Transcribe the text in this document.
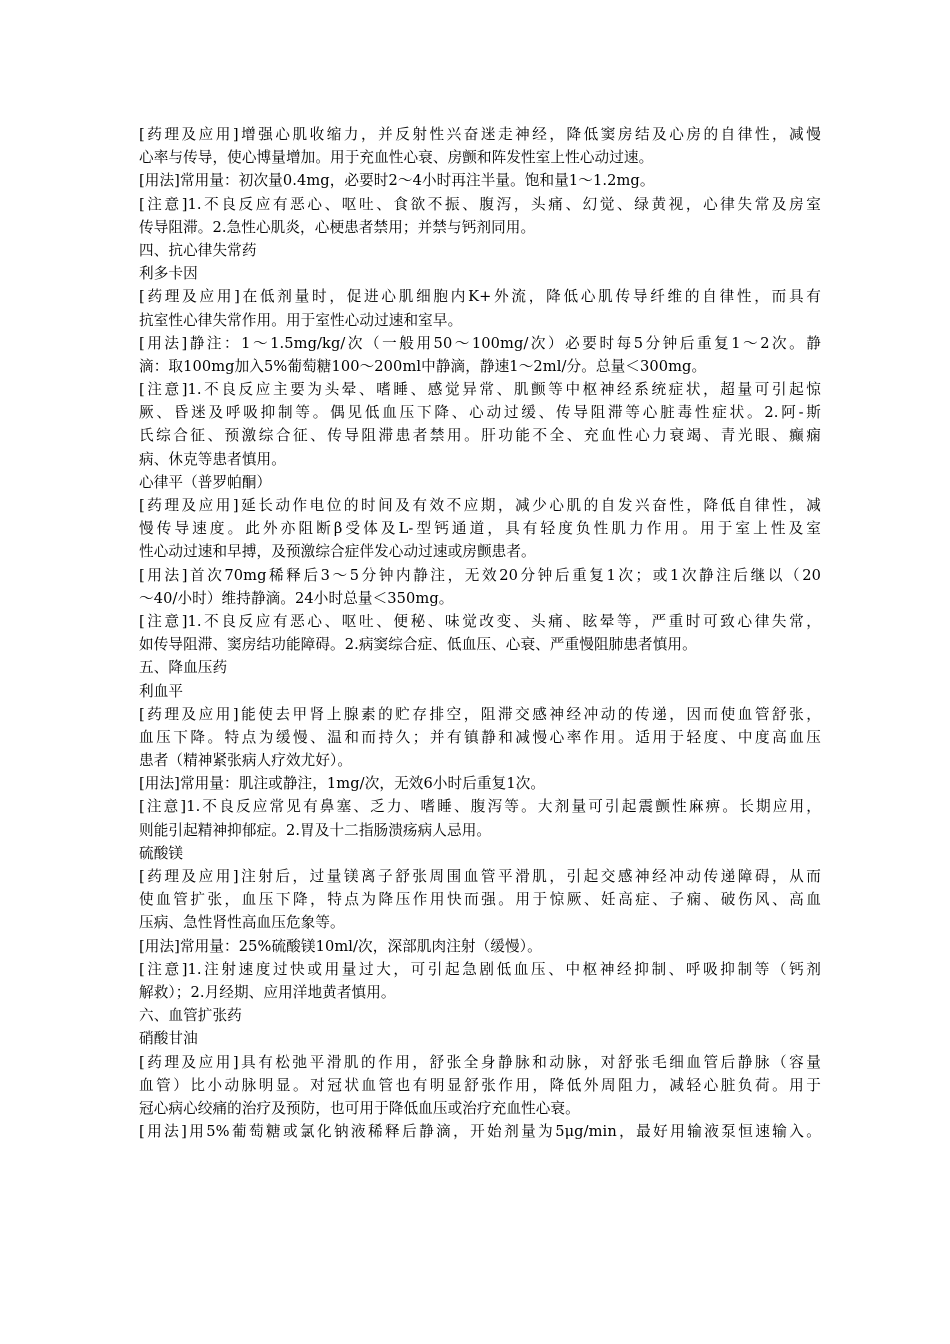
[药理及应用]增强心肌收缩力，并反射性兴奋迷走神经，降低窦房结及心房的自律性，减慢
心率与传导，使心博量增加。用于充血性心衰、房颤和阵发性室上性心动过速。
[用法]常用量：初次量0.4mg，必要时2～4小时再注半量。饱和量1～1.2mg。
[注意]1.不良反应有恶心、呕吐、食欲不振、腹泻，头痛、幻觉、绿黄视，心律失常及房室
传导阻滞。2.急性心肌炎，心梗患者禁用；并禁与钙剂同用。
四、抗心律失常药
利多卡因
[药理及应用]在低剂量时，促进心肌细胞内K+外流，降低心肌传导纤维的自律性，而具有
抗室性心律失常作用。用于室性心动过速和室早。
[用法]静注：1～1.5mg/kg/次（一般用50～100mg/次）必要时每5分钟后重复1～2次。静
滴：取100mg加入5%葡萄糖100～200ml中静滴，静速1～2ml/分。总量＜300mg。
[注意]1.不良反应主要为头晕、嗜睡、感觉异常、肌颤等中枢神经系统症状，超量可引起惊
厥、昏迷及呼吸抑制等。偶见低血压下降、心动过缓、传导阻滞等心脏毒性症状。2.阿-斯
氏综合征、预激综合征、传导阻滞患者禁用。肝功能不全、充血性心力衰竭、青光眼、癫痫
病、休克等患者慎用。
心律平（普罗帕酮）
[药理及应用]延长动作电位的时间及有效不应期，减少心肌的自发兴奋性，降低自律性，减
慢传导速度。此外亦阻断β受体及L-型钙通道，具有轻度负性肌力作用。用于室上性及室
性心动过速和早搏，及预激综合症伴发心动过速或房颤患者。
[用法]首次70mg稀释后3～5分钟内静注，无效20分钟后重复1次；或1次静注后继以（20
～40/小时）维持静滴。24小时总量＜350mg。
[注意]1.不良反应有恶心、呕吐、便秘、味觉改变、头痛、眩晕等，严重时可致心律失常，
如传导阻滞、窦房结功能障碍。2.病窦综合症、低血压、心衰、严重慢阻肺患者慎用。
五、降血压药
利血平
[药理及应用]能使去甲肾上腺素的贮存排空，阻滞交感神经冲动的传递，因而使血管舒张，
血压下降。特点为缓慢、温和而持久；并有镇静和减慢心率作用。适用于轻度、中度高血压
患者（精神紧张病人疗效尤好）。
[用法]常用量：肌注或静注，1mg/次，无效6小时后重复1次。
[注意]1.不良反应常见有鼻塞、乏力、嗜睡、腹泻等。大剂量可引起震颤性麻痹。长期应用，
则能引起精神抑郁症。2.胃及十二指肠溃疡病人忌用。
硫酸镁
[药理及应用]注射后，过量镁离子舒张周围血管平滑肌，引起交感神经冲动传递障碍，从而
使血管扩张，血压下降，特点为降压作用快而强。用于惊厥、妊高症、子痫、破伤风、高血
压病、急性肾性高血压危象等。
[用法]常用量：25%硫酸镁10ml/次，深部肌肉注射（缓慢）。
[注意]1.注射速度过快或用量过大，可引起急剧低血压、中枢神经抑制、呼吸抑制等（钙剂
解救）；2.月经期、应用洋地黄者慎用。
六、血管扩张药
硝酸甘油
[药理及应用]具有松弛平滑肌的作用，舒张全身静脉和动脉，对舒张毛细血管后静脉（容量
血管）比小动脉明显。对冠状血管也有明显舒张作用，降低外周阻力，减轻心脏负荷。用于
冠心病心绞痛的治疗及预防，也可用于降低血压或治疗充血性心衰。
[用法]用5%葡萄糖或氯化钠液稀释后静滴，开始剂量为5μg/min，最好用输液泵恒速输入。
